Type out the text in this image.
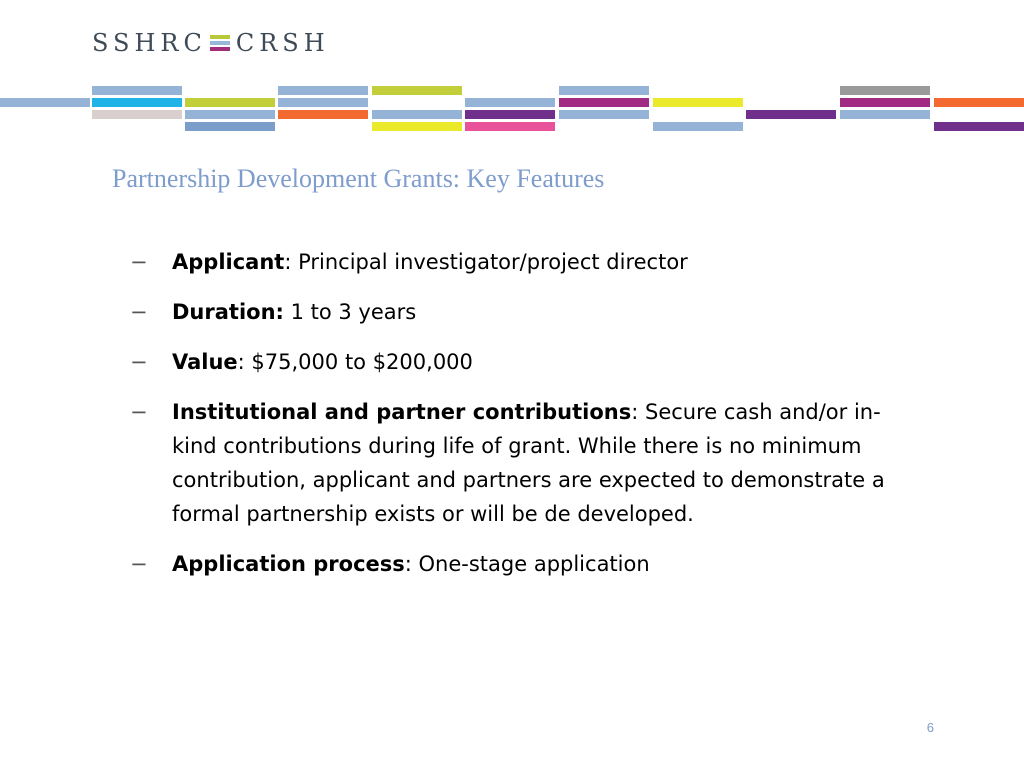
SSHRC CRSH
Partnership Development Grants: Key Features
−	Applicant: Principal investigator/project director
−	Duration: 1 to 3 years
−	Value: $75,000 to $200,000
−	Institutional and partner contributions: Secure cash and/or in-kind contributions during life of grant. While there is no minimum contribution, applicant and partners are expected to demonstrate a formal partnership exists or will be de developed.
−	Application process: One-stage application
6
